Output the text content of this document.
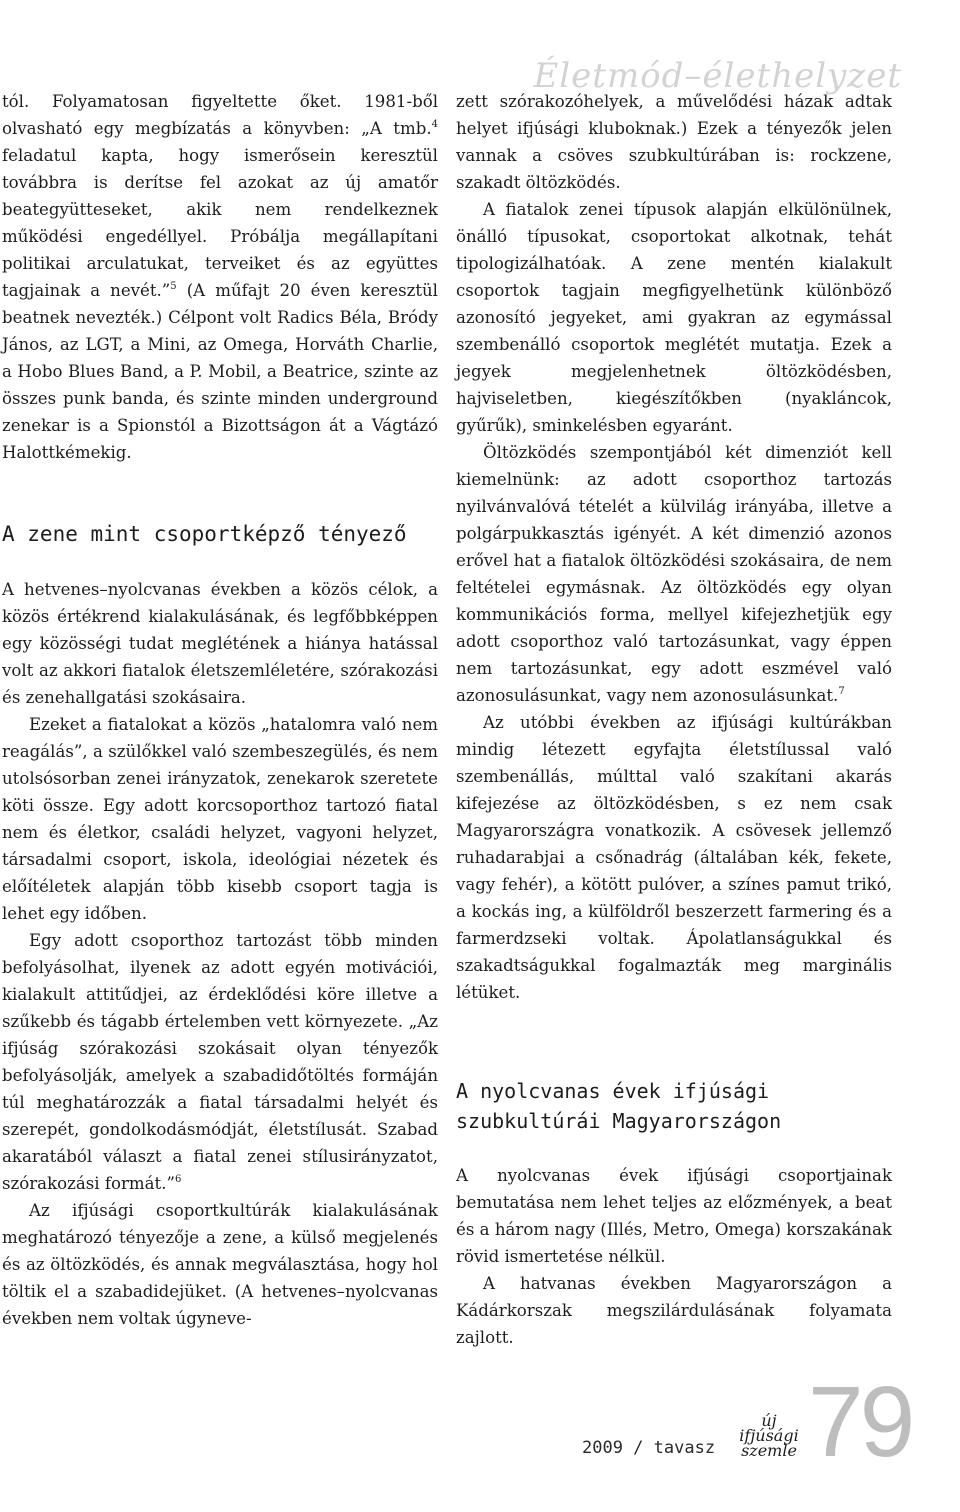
Életmód–élethelyzet

tól. Folyamatosan figyeltette őket. 1981-ből olvasható egy megbízatás a könyvben: „A tmb.$^4$ feladatul kapta, hogy ismerősein keresztül továbbra is derítse fel azokat az új amatőr beategyütteseket, akik nem rendelkeznek működési engedéllyel. Próbálja megállapítani politikai arculatukat, terveiket és az együttes tagjainak a nevét.”$^5$ (A műfajt 20 éven keresztül beatnek nevezték.) Célpont volt Radics Béla, Bródy János, az LGT, a Mini, az Omega, Horváth Charlie, a Hobo Blues Band, a P. Mobil, a Beatrice, szinte az összes punk banda, és szinte minden underground zenekar is a Spionstól a Bizottságon át a Vágtázó Halottkémekig.

A zene mint csoportképző tényező

A hetvenes–nyolcvanas években a közös célok, a közös értékrend kialakulásának, és legfőbbképpen egy közösségi tudat meglétének a hiánya hatással volt az akkori fiatalok életszemléletére, szórakozási és zenehallgatási szokásaira.

Ezeket a fiatalokat a közös „hatalomra való nem reagálás”, a szülőkkel való szembeszegülés, és nem utolsósorban zenei irányzatok, zenekarok szeretete köti össze. Egy adott korcsoporthoz tartozó fiatal nem és életkor, családi helyzet, vagyoni helyzet, társadalmi csoport, iskola, ideológiai nézetek és előítéletek alapján több kisebb csoport tagja is lehet egy időben.

Egy adott csoporthoz tartozást több minden befolyásolhat, ilyenek az adott egyén motivációi, kialakult attitűdjei, az érdeklődési köre illetve a szűkebb és tágabb értelemben vett környezete. „Az ifjúság szórakozási szokásait olyan tényezők befolyásolják, amelyek a szabadidőtöltés formáján túl meghatározzák a fiatal társadalmi helyét és szerepét, gondolkodásmódját, életstílusát. Szabad akaratából választ a fiatal zenei stílusirányzatot, szórakozási formát.”$^6$

Az ifjúsági csoportkultúrák kialakulásának meghatározó tényezője a zene, a külső megjelenés és az öltözködés, és annak megválasztása, hogy hol töltik el a szabadidejüket. (A hetvenes–nyolcvanas években nem voltak úgyneve-

zett szórakozóhelyek, a művelődési házak adtak helyet ifjúsági kluboknak.) Ezek a tényezők jelen vannak a csöves szubkultúrában is: rockzene, szakadt öltözködés.

A fiatalok zenei típusok alapján elkülönülnek, önálló típusokat, csoportokat alkotnak, tehát tipologizálhatóak. A zene mentén kialakult csoportok tagjain megfigyelhetünk különböző azonosító jegyeket, ami gyakran az egymással szembenálló csoportok meglétét mutatja. Ezek a jegyek megjelenhetnek öltözködésben, hajviseletben, kiegészítőkben (nyakláncok, gyűrűk), sminkelésben egyaránt.

Öltözködés szempontjából két dimenziót kell kiemelnünk: az adott csoporthoz tartozás nyilvánvalóvá tételét a külvilág irányába, illetve a polgárpukkasztás igényét. A két dimenzió azonos erővel hat a fiatalok öltözködési szokásaira, de nem feltételei egymásnak. Az öltözködés egy olyan kommunikációs forma, mellyel kifejezhetjük egy adott csoporthoz való tartozásunkat, vagy éppen nem tartozásunkat, egy adott eszmével való azonosulásunkat, vagy nem azonosulásunkat.$^7$

Az utóbbi években az ifjúsági kultúrákban mindig létezett egyfajta életstílussal való szembenállás, múlttal való szakítani akarás kifejezése az öltözködésben, s ez nem csak Magyarországra vonatkozik. A csövesek jellemző ruhadarabjai a csőnadrág (általában kék, fekete, vagy fehér), a kötött pulóver, a színes pamut trikó, a kockás ing, a külföldről beszerzett farmering és a farmerdzseki voltak. Ápolatlanságukkal és szakadtságukkal fogalmazták meg marginális létüket.

A nyolcvanas évek ifjúsági szubkultúrái Magyarországon

A nyolcvanas évek ifjúsági csoportjainak bemutatása nem lehet teljes az előzmények, a beat és a három nagy (Illés, Metro, Omega) korszakának rövid ismertetése nélkül.

A hatvanas években Magyarországon a Kádárkorszak megszilárdulásának folyamata zajlott.

2009 / tavasz
új
ifjúsági
szemle 79
